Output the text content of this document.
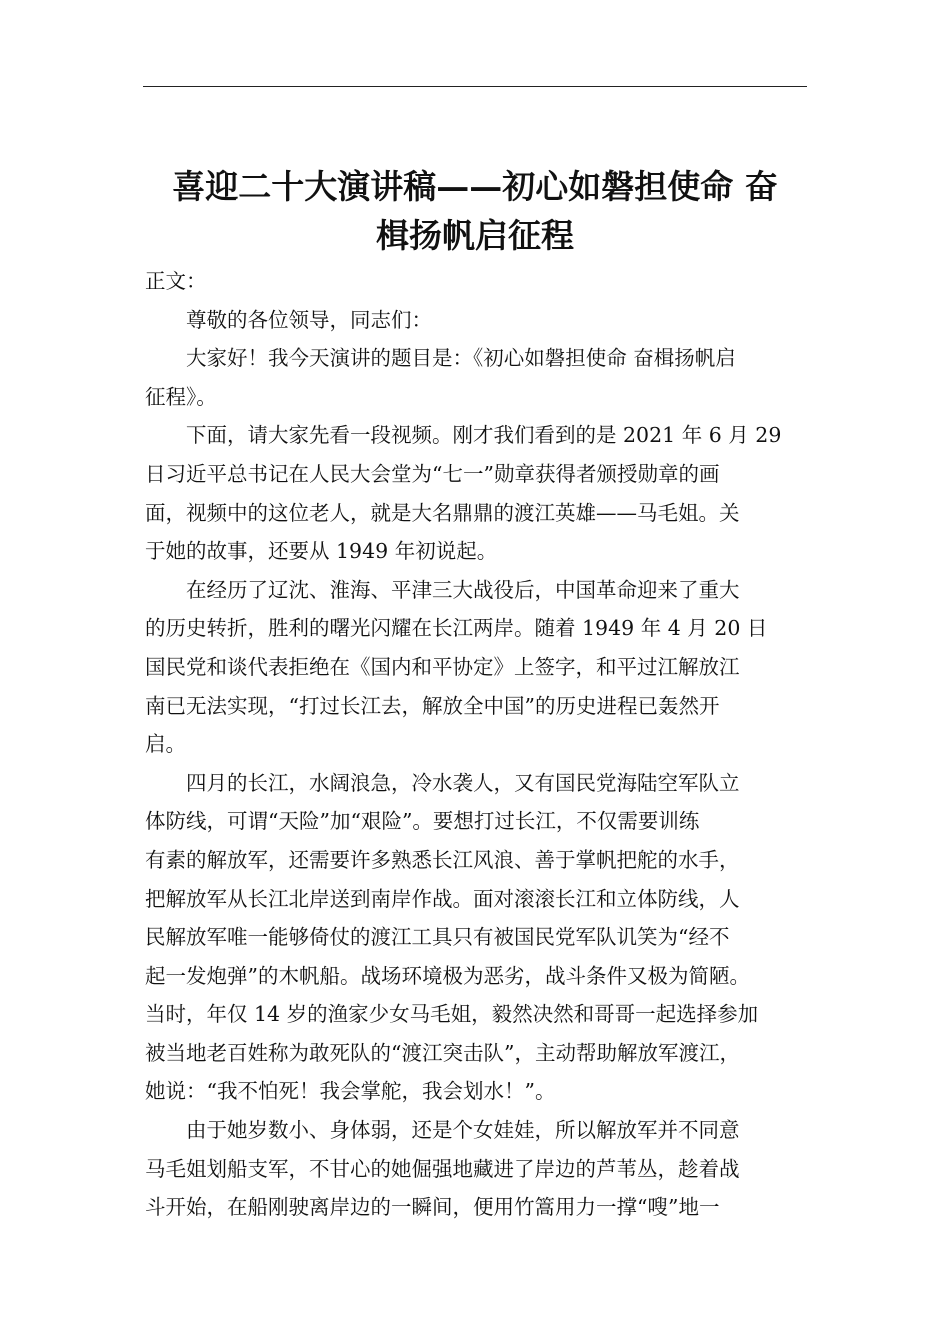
喜迎二十大演讲稿——初心如磐担使命 奋
楫扬帆启征程
正文：
尊敬的各位领导，同志们：
大家好！我今天演讲的题目是：《初心如磐担使命 奋楫扬帆启
征程》。
下面，请大家先看一段视频。刚才我们看到的是 2021 年 6 月 29
日习近平总书记在人民大会堂为“七一”勋章获得者颁授勋章的画
面，视频中的这位老人，就是大名鼎鼎的渡江英雄——马毛姐。关
于她的故事，还要从 1949 年初说起。
在经历了辽沈、淮海、平津三大战役后，中国革命迎来了重大
的历史转折，胜利的曙光闪耀在长江两岸。随着 1949 年 4 月 20 日
国民党和谈代表拒绝在《国内和平协定》上签字，和平过江解放江
南已无法实现，“打过长江去，解放全中国”的历史进程已轰然开
启。
四月的长江，水阔浪急，冷水袭人，又有国民党海陆空军队立
体防线，可谓“天险”加“艰险”。要想打过长江，不仅需要训练
有素的解放军，还需要许多熟悉长江风浪、善于掌帆把舵的水手，
把解放军从长江北岸送到南岸作战。面对滚滚长江和立体防线，人
民解放军唯一能够倚仗的渡江工具只有被国民党军队讥笑为“经不
起一发炮弹”的木帆船。战场环境极为恶劣，战斗条件又极为简陋。
当时，年仅 14 岁的渔家少女马毛姐，毅然决然和哥哥一起选择参加
被当地老百姓称为敢死队的“渡江突击队”，主动帮助解放军渡江，
她说：“我不怕死！我会掌舵，我会划水！”。
由于她岁数小、身体弱，还是个女娃娃，所以解放军并不同意
马毛姐划船支军，不甘心的她倔强地藏进了岸边的芦苇丛，趁着战
斗开始，在船刚驶离岸边的一瞬间，便用竹篙用力一撑“嗖”地一
